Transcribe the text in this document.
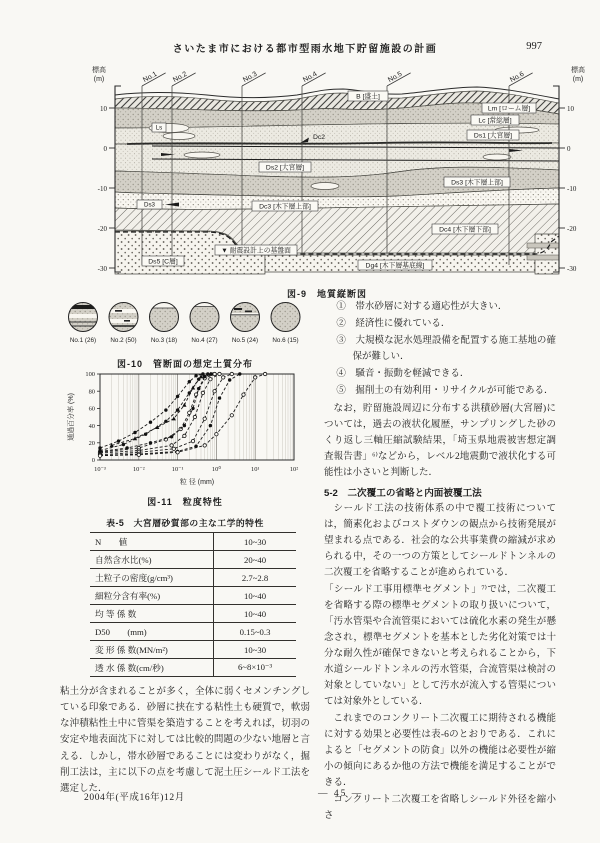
さいたま市における都市型雨水地下貯留施設の計画	997
No.1 No.2	No.3	No.4	No.5	No.6
10
0
-10
-20
-30
標高
(m)
10
0
-10
-20
-30
標高
(m)
B [盛土]
Lm [ローム層]
Lc [常総層]
Ds1 [大宮層]
Ls
Dc2
Ds2 [大宮層]
Ds3 [木下層上部]
Ds3	Dc3 [木下層上部]
Dc4 [木下層下部]
Ds5 [C層]
▼ 耐震設計上の基盤面
Dg4 [木下層基底線]
図-9　地質縦断図
No.1 (26) No.2 (50) No.3 (18) No.4 (27) No.5 (24) No.6 (15)
図-10　管断面の想定土質分布
通過百分率 (%)
粒 径 (mm)
0
20
40
60
80
100
10⁻³	10⁻²	10⁻¹	10⁰	10¹	10²
図-11　粒度特性
表-5　大宮層砂質部の主な工学的特性
N　　値	10~30
自然含水比(%)	20~40
土粒子の密度(g/cm³)	2.7~2.8
細粒分含有率(%)	10~40
均 等 係 数	10~40
D50　　(mm)	0.15~0.3
変 形 係 数(MN/m²)	10~30
透 水 係 数(cm/秒)	6~8×10⁻³

粘土分が含まれることが多く，全体に弱くセメンチングしている印象である．砂層に挟在する粘性土も硬質で，軟弱な沖積粘性土中に管渠を築造することを考えれば，切羽の安定や地表面沈下に対しては比較的問題の少ない地層と言える．しかし，帯水砂層であることには変わりがなく，掘削工法は，主に以下の点を考慮して泥土圧シールド工法を選定した．

①　帯水砂層に対する適応性が大きい．
②　経済性に優れている．
③　大規模な泥水処理設備を配置する施工基地の確保が難しい．
④　騒音・振動を軽減できる．
⑤　掘削土の有効利用・リサイクルが可能である．

なお，貯留施設周辺に分布する洪積砂層(大宮層)については，過去の液状化履歴，サンプリングした砂のくり返し三軸圧縮試験結果，「埼玉県地震被害想定調査報告書」⁶⁾などから，レベル2地震動で液状化する可能性は小さいと判断した．

5-2　二次覆工の省略と内面被覆工法

シールド工法の技術体系の中で覆工技術については，簡素化およびコストダウンの観点から技術発展が望まれる点である．社会的な公共事業費の縮減が求められる中，その一つの方策としてシールドトンネルの二次覆工を省略することが進められている．

「シールド工事用標準セグメント」⁷⁾では，二次覆工を省略する際の標準セグメントの取り扱いについて，「汚水管渠や合流管渠においては硫化水素の発生が懸念され，標準セグメントを基本とした劣化対策では十分な耐久性が確保できないと考えられることから，下水道シールドトンネルの汚水管渠，合流管渠は検討の対象としていない」として汚水が流入する管渠については対象外としている．

これまでのコンクリート二次覆工に期待される機能に対する効果と必要性は表-6のとおりである．これによると「セグメントの防食」以外の機能は必要性が縮小の傾向にあるか他の方法で機能を満足することができる．

コンクリート二次覆工を省略しシールド外径を縮小さ

2004年(平成16年)12月	— 45 —
